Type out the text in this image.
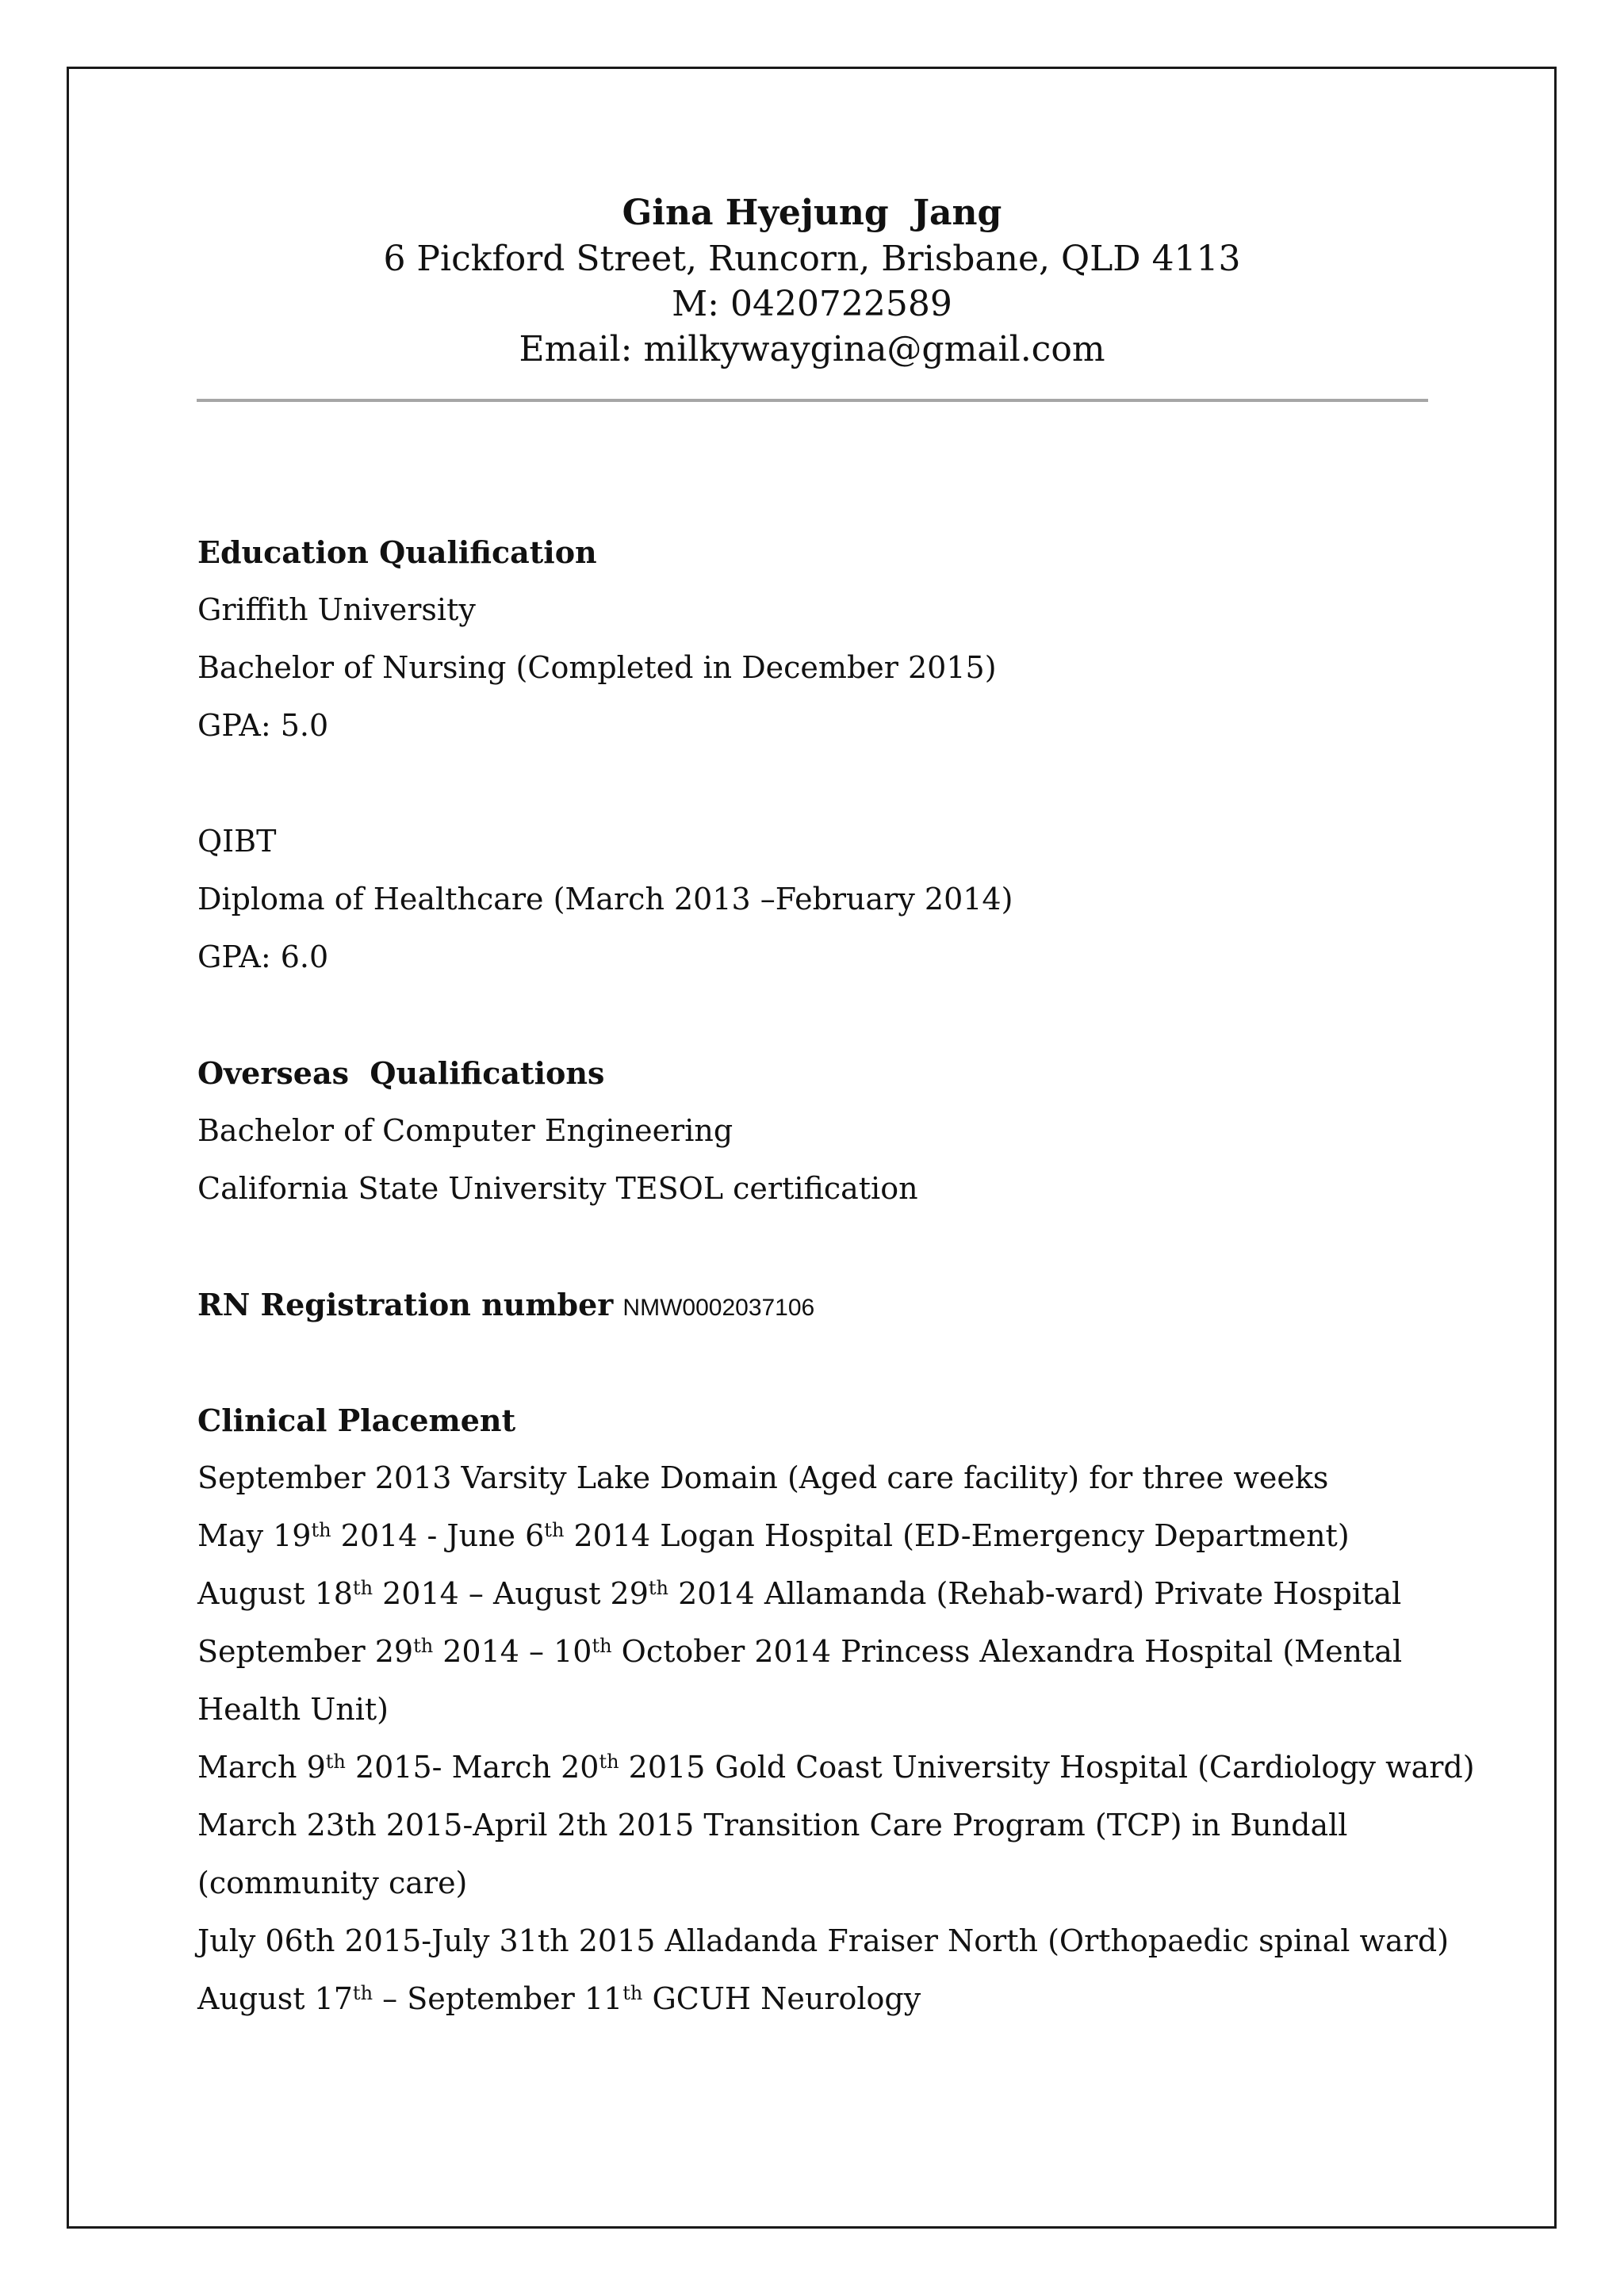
Gina Hyejung  Jang
6 Pickford Street, Runcorn, Brisbane, QLD 4113
M: 0420722589
Email: milkywaygina@gmail.com
Education Qualification
Griffith University
Bachelor of Nursing (Completed in December 2015)
GPA: 5.0
QIBT
Diploma of Healthcare (March 2013 –February 2014)
GPA: 6.0
Overseas  Qualifications
Bachelor of Computer Engineering
California State University TESOL certification
RN Registration number NMW0002037106
Clinical Placement
September 2013 Varsity Lake Domain (Aged care facility) for three weeks
May 19th 2014 - June 6th 2014 Logan Hospital (ED-Emergency Department)
August 18th 2014 – August 29th 2014 Allamanda (Rehab-ward) Private Hospital
September 29th 2014 – 10th October 2014 Princess Alexandra Hospital (Mental Health Unit)
March 9th 2015- March 20th 2015 Gold Coast University Hospital (Cardiology ward)
March 23th 2015-April 2th 2015 Transition Care Program (TCP) in Bundall (community care)
July 06th 2015-July 31th 2015 Alladanda Fraiser North (Orthopaedic spinal ward)
August 17th – September 11th GCUH Neurology
